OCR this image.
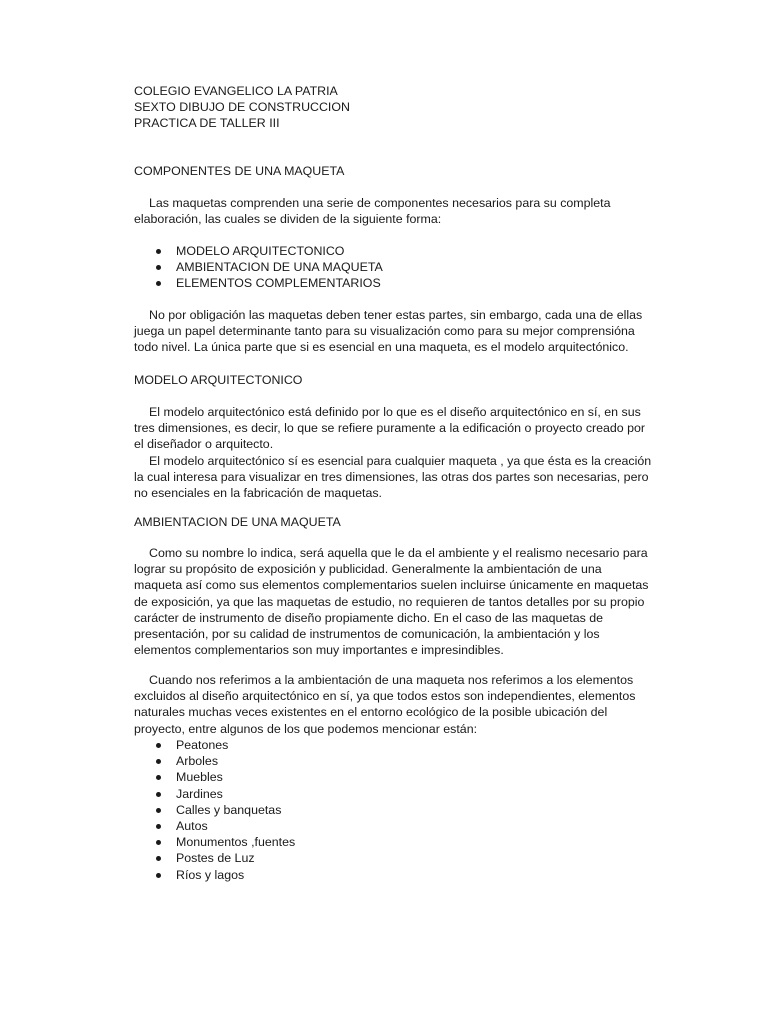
COLEGIO EVANGELICO LA PATRIA
SEXTO DIBUJO DE CONSTRUCCION
PRACTICA DE TALLER III
COMPONENTES DE UNA MAQUETA
Las maquetas comprenden una serie de componentes necesarios para su completa
elaboración, las cuales se dividen de la siguiente forma:
MODELO ARQUITECTONICO
AMBIENTACION DE UNA MAQUETA
ELEMENTOS COMPLEMENTARIOS
No por obligación las maquetas deben tener estas partes, sin embargo, cada una de ellas
juega un papel determinante tanto para su visualización como para su mejor comprensióna
todo nivel. La única parte que si es esencial en una maqueta, es el modelo arquitectónico.
MODELO ARQUITECTONICO
El modelo arquitectónico está definido por lo que es el diseño arquitectónico en sí, en sus
tres dimensiones, es decir, lo que se refiere puramente a la edificación o proyecto creado por
el diseñador o arquitecto.
El modelo arquitectónico sí es esencial para cualquier maqueta , ya que ésta es la creación
la cual interesa para visualizar en tres dimensiones, las otras dos partes son necesarias, pero
no esenciales en la fabricación de maquetas.
AMBIENTACION DE UNA MAQUETA
Como su nombre lo indica, será aquella que le da el ambiente y el realismo necesario para
lograr su propósito de exposición y publicidad. Generalmente la ambientación de una
maqueta así como sus elementos complementarios suelen incluirse únicamente en maquetas
de exposición, ya que las maquetas de estudio, no requieren de tantos detalles por su propio
carácter de instrumento de diseño propiamente dicho. En el caso de las maquetas de
presentación, por su calidad de instrumentos de comunicación, la ambientación y los
elementos complementarios son muy importantes e impresindibles.
Cuando nos referimos a la ambientación de una maqueta nos referimos a los elementos
excluidos al diseño arquitectónico en sí, ya que todos estos son independientes, elementos
naturales muchas veces existentes en el entorno ecológico de la posible ubicación del
proyecto, entre algunos de los que podemos mencionar están:
Peatones
Arboles
Muebles
Jardines
Calles y banquetas
Autos
Monumentos ,fuentes
Postes de Luz
Ríos y lagos
